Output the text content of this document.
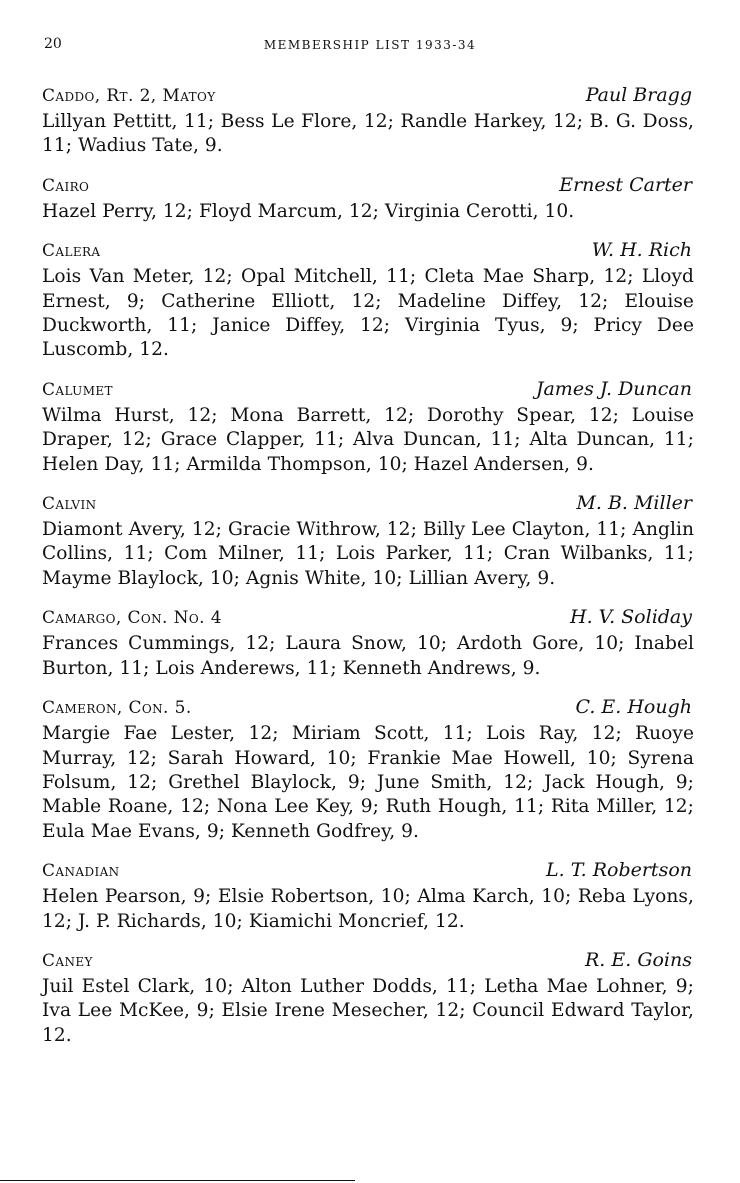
20	MEMBERSHIP LIST 1933-34
Caddo, Rt. 2, Matoy	Paul Bragg

Lillyan Pettitt, 11; Bess Le Flore, 12; Randle Harkey, 12; B. G. Doss, 11; Wadius Tate, 9.

Cairo	Ernest Carter

Hazel Perry, 12; Floyd Marcum, 12; Virginia Cerotti, 10.

Calera	W. H. Rich

Lois Van Meter, 12; Opal Mitchell, 11; Cleta Mae Sharp, 12; Lloyd Ernest, 9; Catherine Elliott, 12; Madeline Diffey, 12; Elouise Duckworth, 11; Janice Diffey, 12; Virginia Tyus, 9; Pricy Dee Luscomb, 12.

Calumet	James J. Duncan

Wilma Hurst, 12; Mona Barrett, 12; Dorothy Spear, 12; Louise Draper, 12; Grace Clapper, 11; Alva Duncan, 11; Alta Duncan, 11; Helen Day, 11; Armilda Thompson, 10; Hazel Andersen, 9.

Calvin	M. B. Miller

Diamont Avery, 12; Gracie Withrow, 12; Billy Lee Clayton, 11; Anglin Collins, 11; Com Milner, 11; Lois Parker, 11; Cran Wilbanks, 11; Mayme Blaylock, 10; Agnis White, 10; Lillian Avery, 9.

Camargo, Con. No. 4	H. V. Soliday

Frances Cummings, 12; Laura Snow, 10; Ardoth Gore, 10; Inabel Burton, 11; Lois Anderews, 11; Kenneth Andrews, 9.

Cameron, Con. 5.	C. E. Hough

Margie Fae Lester, 12; Miriam Scott, 11; Lois Ray, 12; Ruoye Murray, 12; Sarah Howard, 10; Frankie Mae Howell, 10; Syrena Folsum, 12; Grethel Blaylock, 9; June Smith, 12; Jack Hough, 9; Mable Roane, 12; Nona Lee Key, 9; Ruth Hough, 11; Rita Miller, 12; Eula Mae Evans, 9; Kenneth Godfrey, 9.

Canadian	L. T. Robertson

Helen Pearson, 9; Elsie Robertson, 10; Alma Karch, 10; Reba Lyons, 12; J. P. Richards, 10; Kiamichi Moncrief, 12.

Caney	R. E. Goins

Juil Estel Clark, 10; Alton Luther Dodds, 11; Letha Mae Lohner, 9; Iva Lee McKee, 9; Elsie Irene Mesecher, 12; Council Edward Taylor, 12.
